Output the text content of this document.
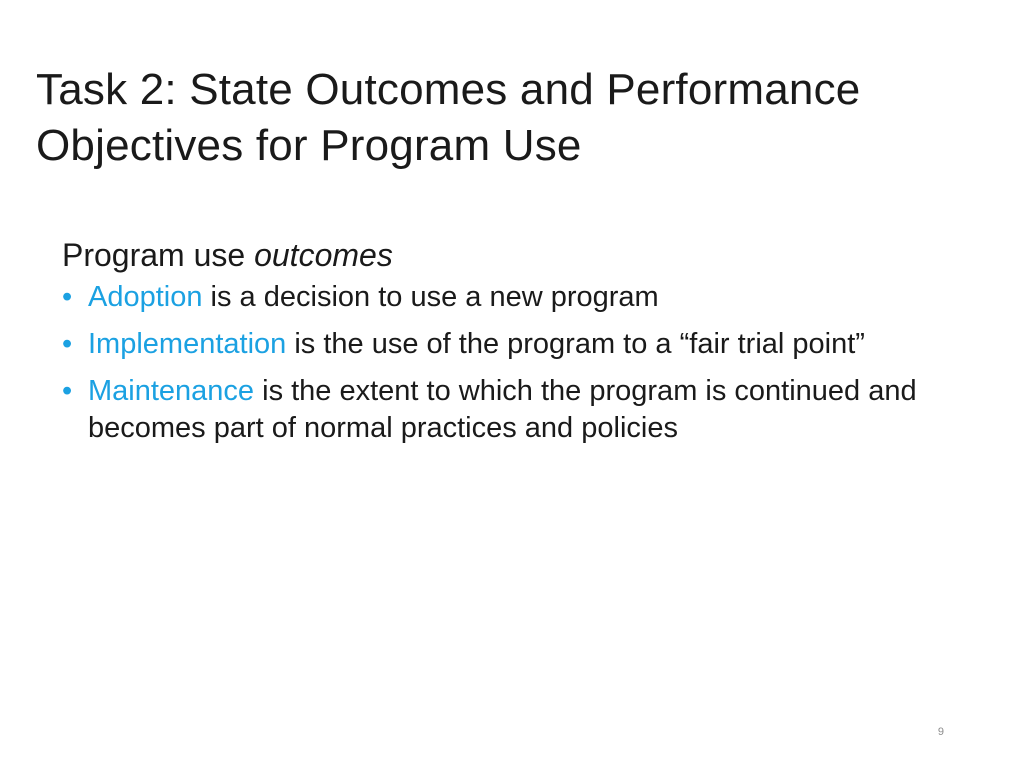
Task 2: State Outcomes and Performance
Objectives for Program Use

Program use outcomes

• Adoption is a decision to use a new program
• Implementation is the use of the program to a “fair trial point”
• Maintenance is the extent to which the program is continued and becomes part of normal practices and policies
9
